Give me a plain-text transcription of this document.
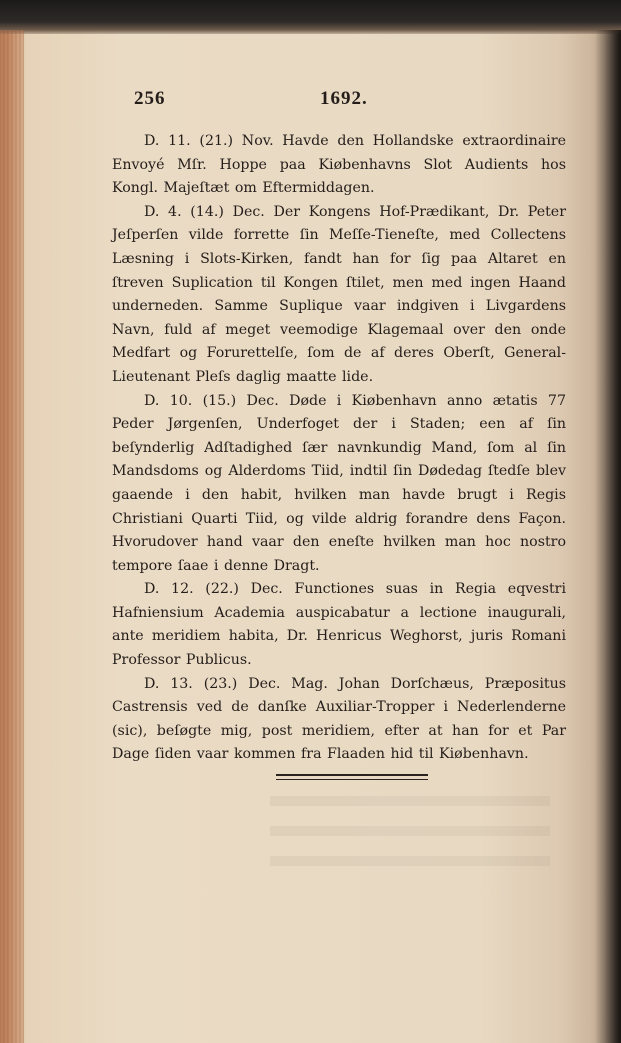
256	1692.

D. 11. (21.) Nov. Havde den Hollandske extraordinaire Envoyé Mſr. Hoppe paa Kiøbenhavns Slot Audients hos Kongl. Majeſtæt om Eftermiddagen.

D. 4. (14.) Dec. Der Kongens Hof-Prædikant, Dr. Peter Jeſperſen vilde forrette ſin Meſſe-Tieneſte, med Collectens Læsning i Slots-Kirken, fandt han for ſig paa Altaret en ſtreven Suplication til Kongen ſtilet, men med ingen Haand underneden. Samme Suplique vaar indgiven i Livgardens Navn, fuld af meget veemodige Klagemaal over den onde Medfart og Forurettelſe, ſom de af deres Oberſt, General-Lieutenant Pleſs daglig maatte lide.

D. 10. (15.) Dec. Døde i Kiøbenhavn anno ætatis 77 Peder Jørgenſen, Underfoget der i Staden; een af ſin beſynderlig Adſtadighed ſær navnkundig Mand, ſom al ſin Mandsdoms og Alderdoms Tiid, indtil ſin Dødedag ſtedſe blev gaaende i den habit, hvilken man havde brugt i Regis Christiani Quarti Tiid, og vilde aldrig forandre dens Façon. Hvorudover hand vaar den eneſte hvilken man hoc nostro tempore ſaae i denne Dragt.

D. 12. (22.) Dec. Functiones suas in Regia eqvestri Hafniensium Academia auspicabatur a lectione inaugurali, ante meridiem habita, Dr. Henricus Weghorst, juris Romani Professor Publicus.

D. 13. (23.) Dec. Mag. Johan Dorſchæus, Præpositus Castrensis ved de danſke Auxiliar-Tropper i Nederlenderne (sic), beſøgte mig, post meridiem, efter at han for et Par Dage ſiden vaar kommen fra Flaaden hid til Kiøbenhavn.
